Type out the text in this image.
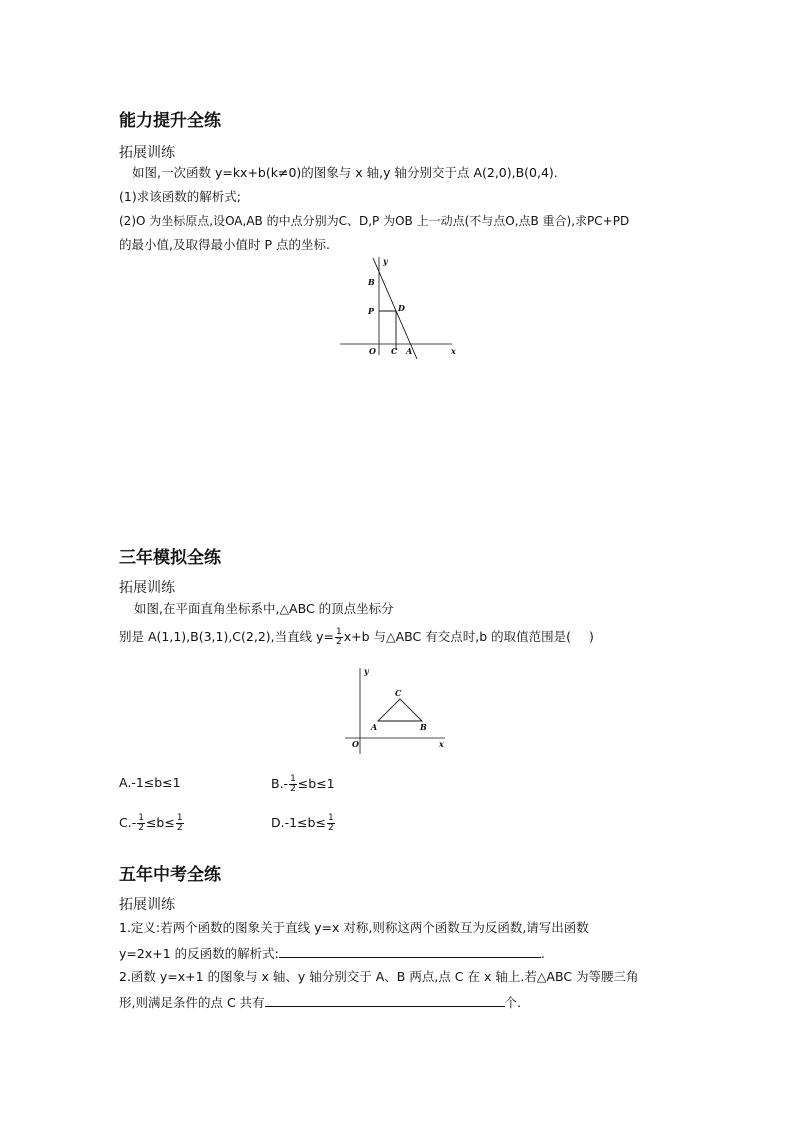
能力提升全练
拓展训练
如图,一次函数 y=kx+b(k≠0)的图象与 x 轴,y 轴分别交于点 A(2,0),B(0,4).
(1)求该函数的解析式;
(2)O 为坐标原点,设OA,AB 的中点分别为C、D,P 为OB 上一动点(不与点O,点B 重合),求PC+PD
的最小值,及取得最小值时 P 点的坐标.
y
x
B
P	D
O C A
三年模拟全练
拓展训练
如图,在平面直角坐标系中,△ABC 的顶点坐标分
别是 A(1,1),B(3,1),C(2,2),当直线 $y= \frac{1}{2} x+b$ 与△ABC 有交点时,b 的取值范围是( )
y
x
C
A	B
O
A.-1≤b≤1	$B.- \frac{1}{2} \le b\le 1$
$C.- \frac{1}{2} \le b\le \frac{1}{2}$	$D.-1\le b\le \frac{1}{2}$
五年中考全练
拓展训练
1.定义:若两个函数的图象关于直线 y=x 对称,则称这两个函数互为反函数,请写出函数
y=2x+1 的反函数的解析式:	.
2.函数 y=x+1 的图象与 x 轴、y 轴分别交于 A、B 两点,点 C 在 x 轴上.若△ABC 为等腰三角
形,则满足条件的点 C 共有	个.
